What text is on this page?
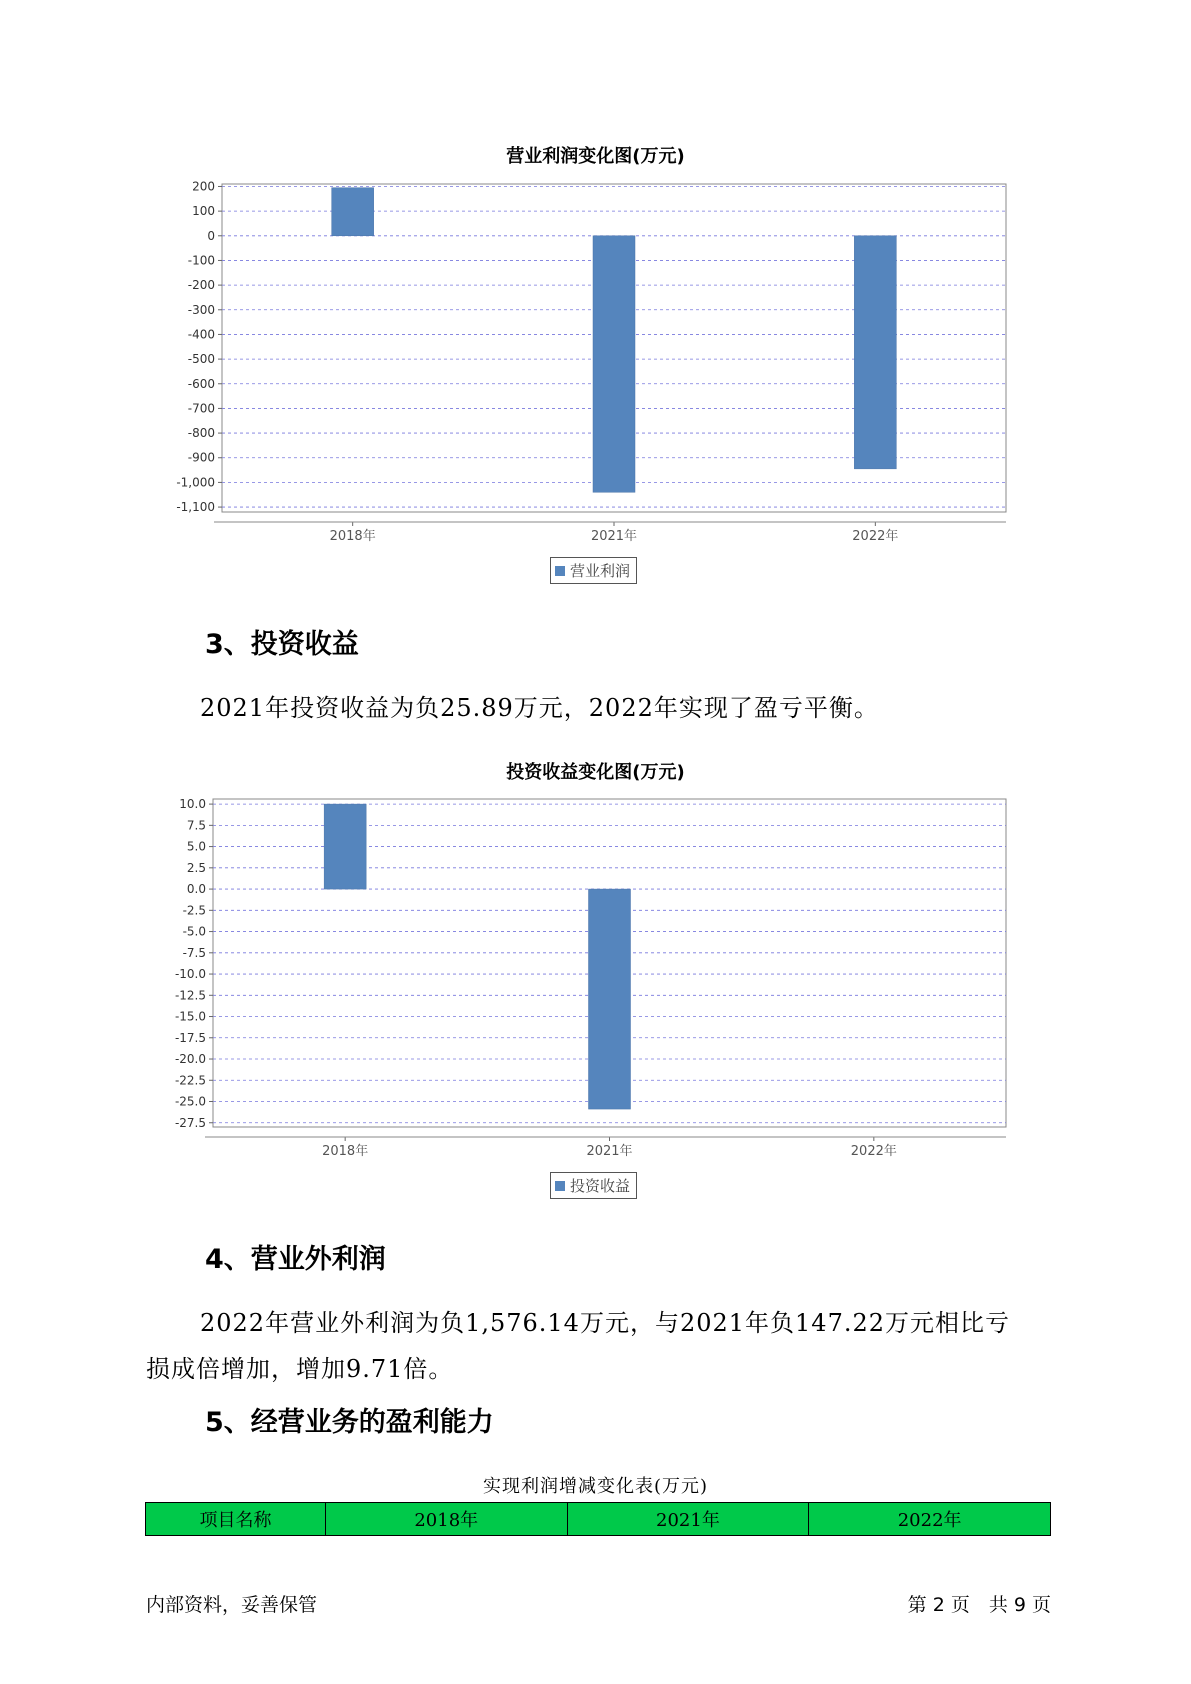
营业利润变化图(万元)
200
100
0
-100
-200
-300
-400
-500
-600
-700
-800
-900
-1,000
-1,100
2018年	2021年	2022年
营业利润
3、投资收益
2021年投资收益为负25.89万元，2022年实现了盈亏平衡。
投资收益变化图(万元)
10.0
7.5
5.0
2.5
0.0
-2.5
-5.0
-7.5
-10.0
-12.5
-15.0
-17.5
-20.0
-22.5
-25.0
-27.5
2018年	2021年	2022年
投资收益
4、营业外利润
2022年营业外利润为负1,576.14万元，与2021年负147.22万元相比亏
损成倍增加，增加9.71倍。
5、经营业务的盈利能力
实现利润增减变化表(万元)
项目名称	2018年	2021年	2022年
内部资料，妥善保管	第 2 页　共 9 页
